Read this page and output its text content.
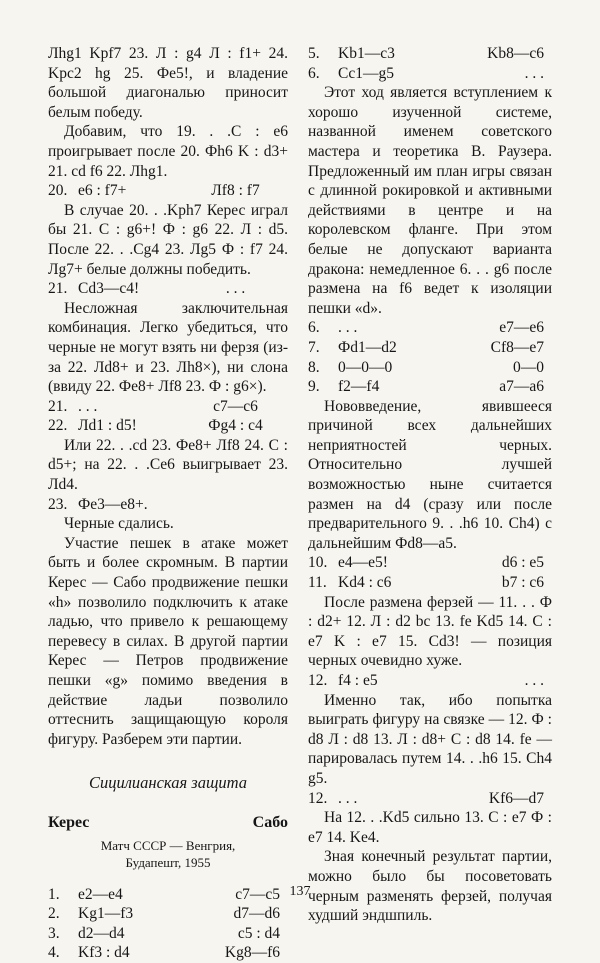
Лhg1 Kpf7 23. Л : g4 Л : f1+ 24. Kpc2 hg 25. Фe5!, и владение большой диагональю приносит белым победу.

Добавим, что 19. . .C : e6 проигрывает после 20. Фh6 K : d3+ 21. cd f6 22. Лhg1.

20. e6 : f7+	Лf8 : f7

В случае 20. . .Kph7 Керес играл бы 21. C : g6+! Ф : g6 22. Л : d5. После 22. . .Cg4 23. Лg5 Ф : f7 24. Лg7+ белые должны победить.

21. Cd3—c4!	. . .

Несложная заключительная комбинация. Легко убедиться, что черные не могут взять ни ферзя (из-за 22. Лd8+ и 23. Лh8×), ни слона (ввиду 22. Фe8+ Лf8 23. Ф : g6×).

21. . . .	c7—c6
22. Лd1 : d5!	Фg4 : c4

Или 22. . .cd 23. Фe8+ Лf8 24. C : d5+; на 22. . .Ce6 выигрывает 23. Лd4.

23. Фe3—e8+.

Черные сдались.

Участие пешек в атаке может быть и более скромным. В партии Керес — Сабо продвижение пешки «h» позволило подключить к атаке ладью, что привело к решающему перевесу в силах. В другой партии Керес — Петров продвижение пешки «g» помимо введения в действие ладьи позволило оттеснить защищающую короля фигуру. Разберем эти партии.

Сицилианская защита
Керес	Сабо
Матч СССР — Венгрия,
Будапешт, 1955
1.	e2—e4	c7—c5
2.	Kg1—f3	d7—d6
3.	d2—d4	c5 : d4
4.	Kf3 : d4	Kg8—f6
5.	Kb1—c3	Kb8—c6
6.	Cc1—g5	. . .

Этот ход является вступлением к хорошо изученной системе, названной именем советского мастера и теоретика В. Раузера. Предложенный им план игры связан с длинной рокировкой и активными действиями в центре и на королевском фланге. При этом белые не допускают варианта дракона: немедленное 6. . . g6 после размена на f6 ведет к изоляции пешки «d».

6.	. . .	e7—e6
7.	Фd1—d2	Cf8—e7
8.	0—0—0	0—0
9.	f2—f4	a7—a6

Нововведение, явившееся причиной всех дальнейших неприятностей черных. Относительно лучшей возможностью ныне считается размен на d4 (сразу или после предварительного 9. . .h6 10. Ch4) с дальнейшим Фd8—a5.

10. e4—e5!	d6 : e5
11. Kd4 : c6	b7 : c6

После размена ферзей — 11. . . Ф : d2+ 12. Л : d2 bc 13. fe Kd5 14. C : e7 K : e7 15. Cd3! — позиция черных очевидно хуже.

12. f4 : e5	. . .

Именно так, ибо попытка выиграть фигуру на связке — 12. Ф : d8 Л : d8 13. Л : d8+ C : d8 14. fe — парировалась путем 14. . .h6 15. Ch4 g5.

12. . . .	Kf6—d7

На 12. . .Kd5 сильно 13. C : e7 Ф : e7 14. Ke4.

Зная конечный результат партии, можно было бы посоветовать черным разменять ферзей, получая худший эндшпиль.

137
